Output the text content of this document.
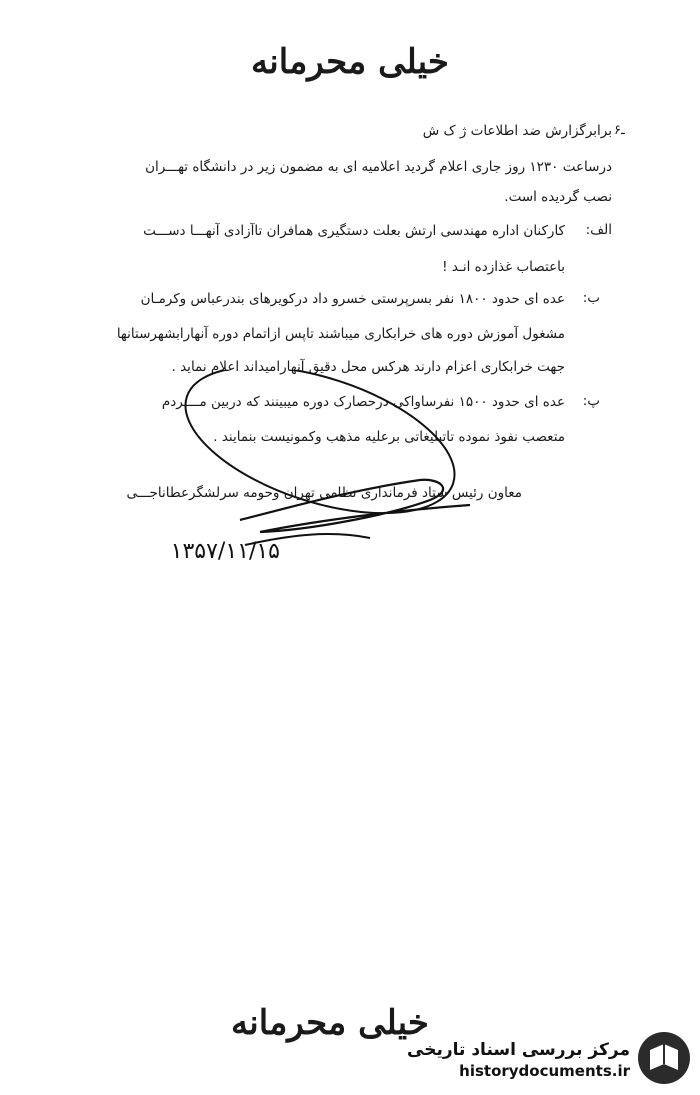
خیلی محرمانه
۶ـ
برابرگزارش ضد اطلاعات ژ ک ش
درساعت ۱۲۳۰ روز جاری اعلام گردید اعلامیه ای به مضمون زیر در دانشگاه تهـــران
نصب گردیده است.
الف:
کارکنان اداره مهندسی ارتش بعلت دستگیری همافران تاآزادی آنهـــا دســـت
باعتصاب غذازده انـد !
ب:
عده ای حدود ۱۸۰۰ نفر بسرپرستی خسرو داد درکویرهای بندرعباس وکرمـان
مشغول آموزش دوره های خرابکاری میباشند تاپس ازاتمام دوره آنهارابشهرستانها
جهت خرابکاری اعزام دارند هرکس محل دقیق آنهارامیداند اعلام نماید .
پ:
عده ای حدود ۱۵۰۰ نفرساواکی درحصارک دوره میبینند که دربین مــــردم
متعصب نفوذ نموده تاتبلیغاتی برعلیه مذهب وکمونیست بنمایند .
معاون رئیس ستاد فرمانداری نظامی تهران وحومه سرلشگرعطاناجـــی
۱۳۵۷/۱۱/۱۵
خیلی محرمانه
مرکز بررسی اسناد تاریخی
historydocuments.ir
